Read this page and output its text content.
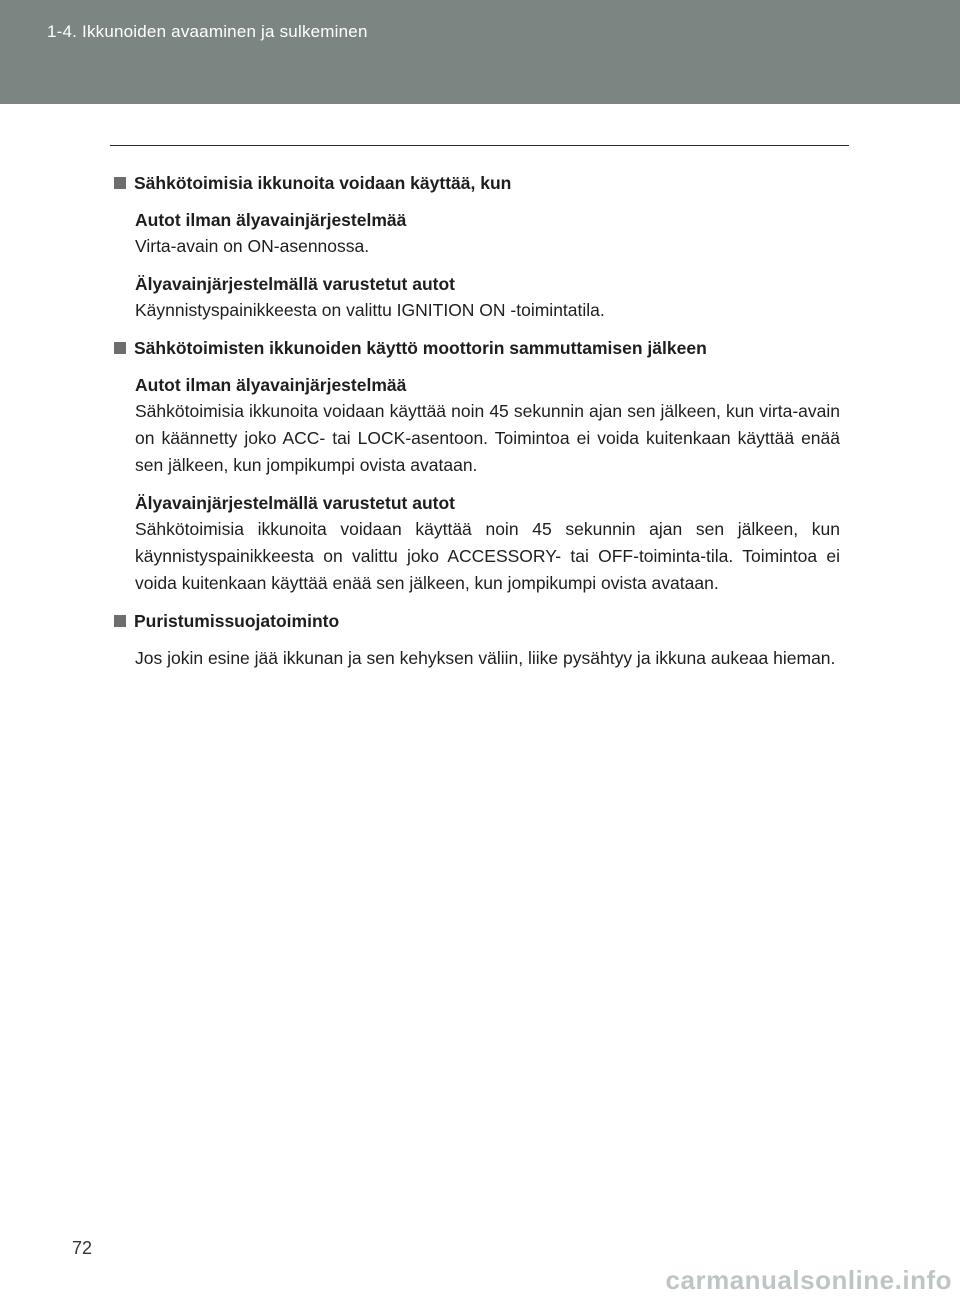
1-4. Ikkunoiden avaaminen ja sulkeminen
Sähkötoimisia ikkunoita voidaan käyttää, kun
Autot ilman älyavainjärjestelmää
Virta-avain on ON-asennossa.
Älyavainjärjestelmällä varustetut autot
Käynnistyspainikkeesta on valittu IGNITION ON -toimintatila.
Sähkötoimisten ikkunoiden käyttö moottorin sammuttamisen jälkeen
Autot ilman älyavainjärjestelmää
Sähkötoimisia ikkunoita voidaan käyttää noin 45 sekunnin ajan sen jälkeen, kun virta-avain on käännetty joko ACC- tai LOCK-asentoon. Toimintoa ei voida kuitenkaan käyttää enää sen jälkeen, kun jompikumpi ovista avataan.
Älyavainjärjestelmällä varustetut autot
Sähkötoimisia ikkunoita voidaan käyttää noin 45 sekunnin ajan sen jälkeen, kun käynnistyspainikkeesta on valittu joko ACCESSORY- tai OFF-toiminta-tila. Toimintoa ei voida kuitenkaan käyttää enää sen jälkeen, kun jompikumpi ovista avataan.
Puristumissuojatoiminto
Jos jokin esine jää ikkunan ja sen kehyksen väliin, liike pysähtyy ja ikkuna aukeaa hieman.
72
carmanualsonline.info
